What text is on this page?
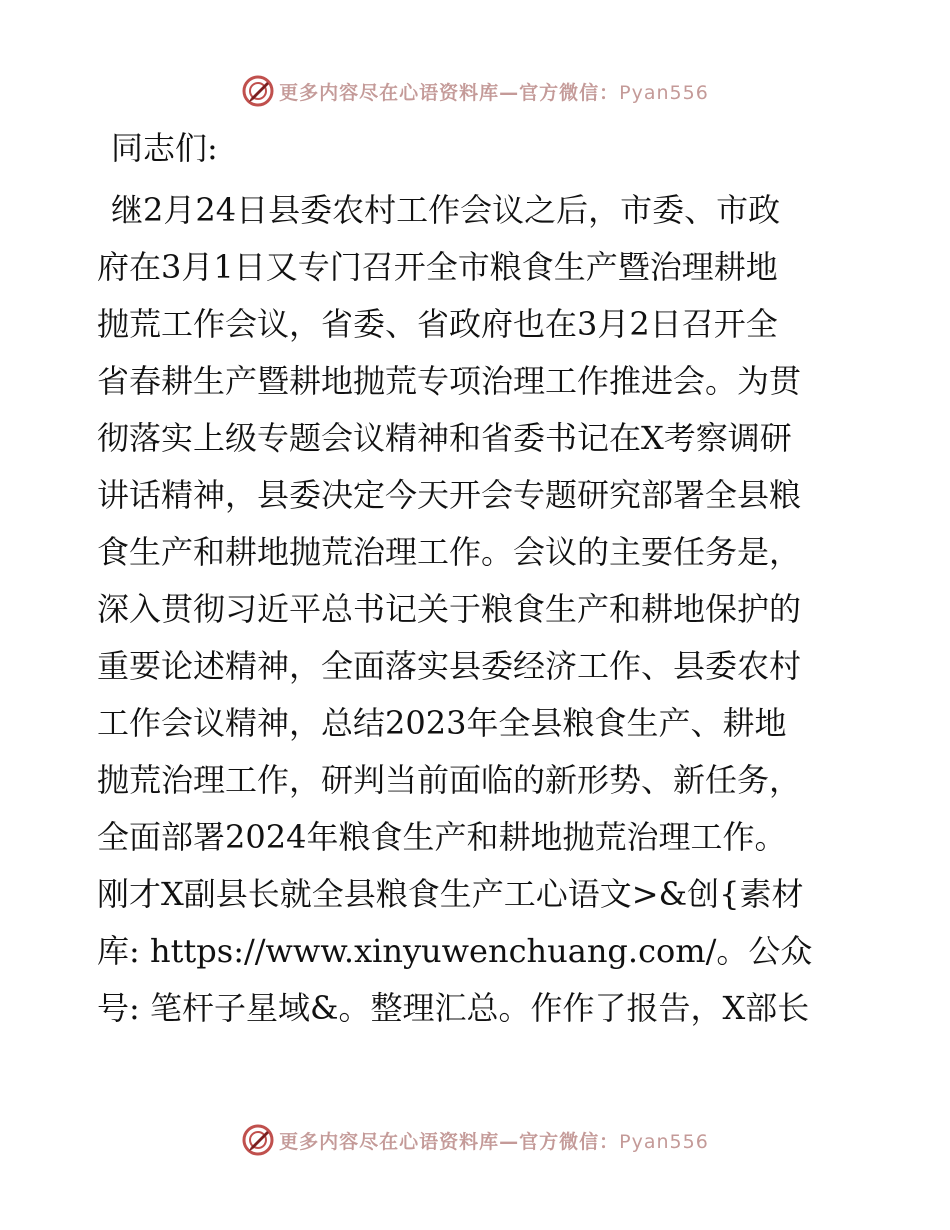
更多内容尽在心语资料库—官方微信：Pyan556
同志们:
继2月24日县委农村工作会议之后，市委、市政
府在3月1日又专门召开全市粮食生产暨治理耕地
抛荒工作会议，省委、省政府也在3月2日召开全
省春耕生产暨耕地抛荒专项治理工作推进会。为贯
彻落实上级专题会议精神和省委书记在X考察调研
讲话精神，县委决定今天开会专题研究部署全县粮
食生产和耕地抛荒治理工作。会议的主要任务是，
深入贯彻习近平总书记关于粮食生产和耕地保护的
重要论述精神，全面落实县委经济工作、县委农村
工作会议精神，总结2023年全县粮食生产、耕地
抛荒治理工作，研判当前面临的新形势、新任务，
全面部署2024年粮食生产和耕地抛荒治理工作。
刚才X副县长就全县粮食生产工心语文>&创{素材
库: https://www.xinyuwenchuang.com/。公众
号: 笔杆子星域&。整理汇总。作作了报告，X部长
更多内容尽在心语资料库—官方微信：Pyan556
